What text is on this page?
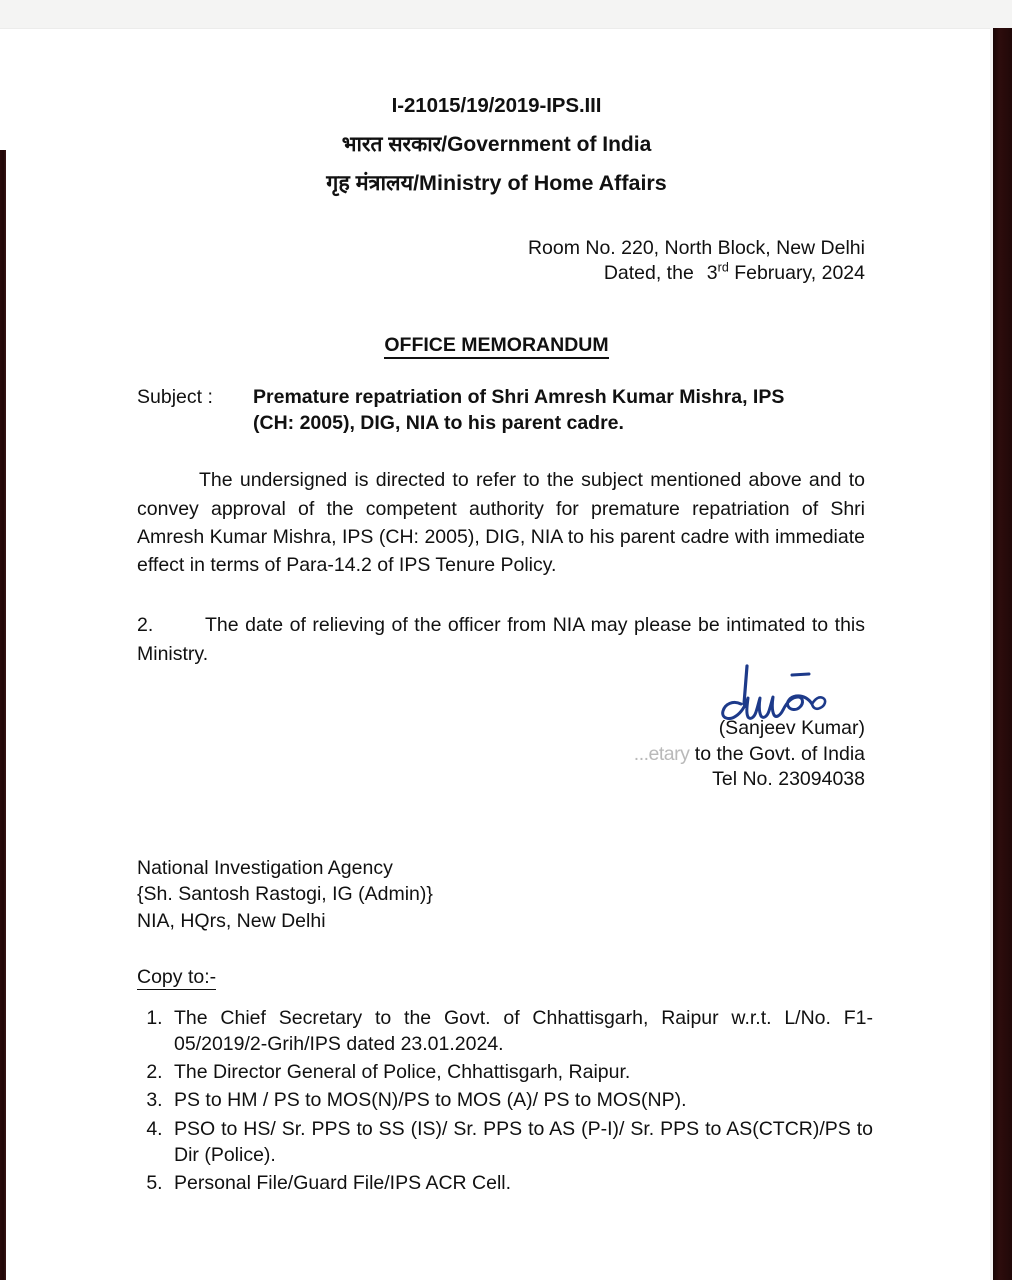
I-21015/19/2019-IPS.III
भारत सरकार/Government of India
गृह मंत्रालय/Ministry of Home Affairs
Room No. 220, North Block, New Delhi
Dated, the 3rd February, 2024
OFFICE MEMORANDUM
Subject :	Premature repatriation of Shri Amresh Kumar Mishra, IPS
(CH: 2005), DIG, NIA to his parent cadre.

The undersigned is directed to refer to the subject mentioned above and to convey approval of the competent authority for premature repatriation of Shri Amresh Kumar Mishra, IPS (CH: 2005), DIG, NIA to his parent cadre with immediate effect in terms of Para-14.2 of IPS Tenure Policy.

2.	The date of relieving of the officer from NIA may please be intimated to this Ministry.

(Sanjeev Kumar)
...etary to the Govt. of India
Tel No. 23094038
National Investigation Agency
{Sh. Santosh Rastogi, IG (Admin)}
NIA, HQrs, New Delhi
Copy to:-
1. The Chief Secretary to the Govt. of Chhattisgarh, Raipur w.r.t. L/No. F1-05/2019/2-Grih/IPS dated 23.01.2024.
2. The Director General of Police, Chhattisgarh, Raipur.
3. PS to HM / PS to MOS(N)/PS to MOS (A)/ PS to MOS(NP).
4. PSO to HS/ Sr. PPS to SS (IS)/ Sr. PPS to AS (P-I)/ Sr. PPS to AS(CTCR)/PS to Dir (Police).
5. Personal File/Guard File/IPS ACR Cell.
